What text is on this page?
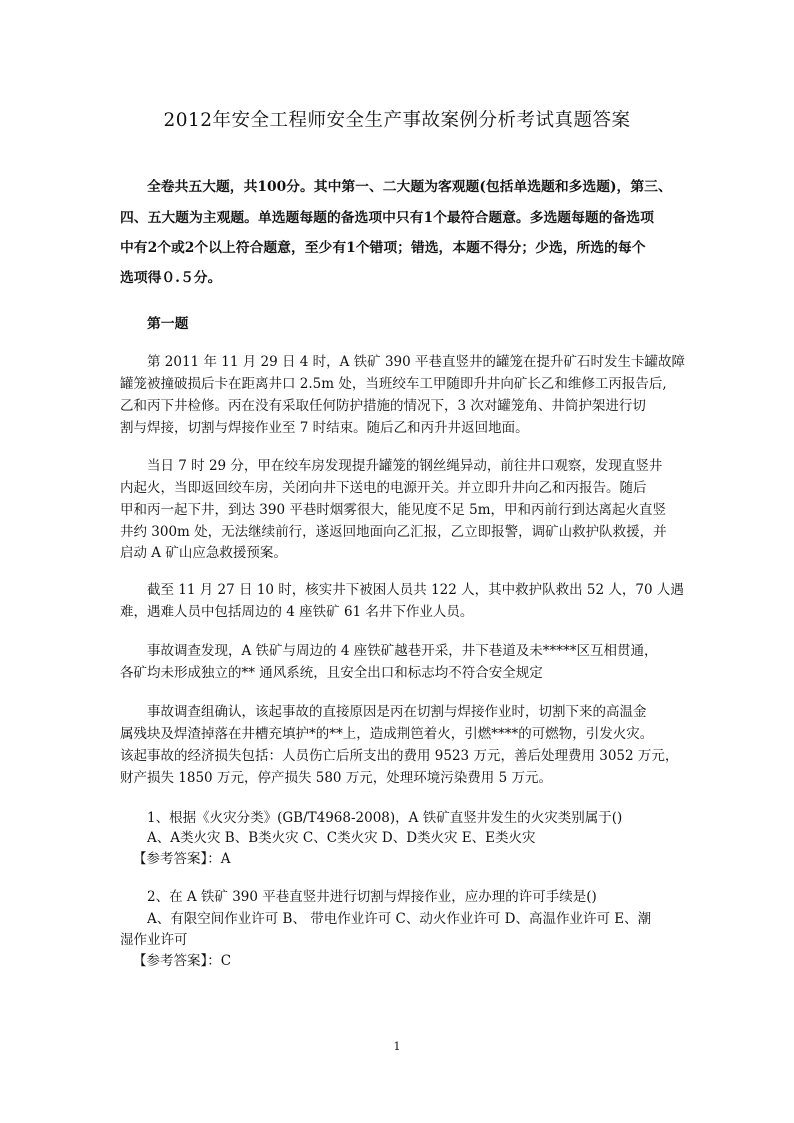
2012年安全工程师安全生产事故案例分析考试真题答案
全卷共五大题，共100分。其中第一、二大题为客观题(包括单选题和多选题)，第三、
四、五大题为主观题。单选题每题的备选项中只有1个最符合题意。多选题每题的备选项
中有2个或2个以上符合题意，至少有1个错项；错选，本题不得分；少选，所选的每个
选项得０.５分。
第一题
第 2011 年 11 月 29 日 4 时，A 铁矿 390 平巷直竖井的罐笼在提升矿石时发生卡罐故障
罐笼被撞破损后卡在距离井口 2.5m 处，当班绞车工甲随即升井向矿长乙和维修工丙报告后,
乙和丙下井检修。丙在没有采取任何防护措施的情况下，3 次对罐笼角、井筒护架进行切
割与焊接，切割与焊接作业至 7 时结束。随后乙和丙升井返回地面。
当日 7 时 29 分，甲在绞车房发现提升罐笼的钢丝绳异动，前往井口观察，发现直竖井
内起火，当即返回绞车房，关闭向井下送电的电源开关。并立即升井向乙和丙报告。随后
甲和丙一起下井，到达 390 平巷时烟雾很大，能见度不足 5m，甲和丙前行到达离起火直竖
井约 300m 处，无法继续前行，遂返回地面向乙汇报，乙立即报警，调矿山救护队救援，并
启动 A 矿山应急救援预案。
截至 11 月 27 日 10 时，核实井下被困人员共 122 人，其中救护队救出 52 人，70 人遇
难，遇难人员中包括周边的 4 座铁矿 61 名井下作业人员。
事故调查发现，A 铁矿与周边的 4 座铁矿越巷开采，井下巷道及未*****区互相贯通，
各矿均未形成独立的** 通风系统，且安全出口和标志均不符合安全规定
事故调查组确认，该起事故的直接原因是丙在切割与焊接作业时，切割下来的高温金
属残块及焊渣掉落在井槽充填护*的**上，造成荆笆着火，引燃****的可燃物，引发火灾。
该起事故的经济损失包括：人员伤亡后所支出的费用 9523 万元，善后处理费用 3052 万元，
财产损失 1850 万元，停产损失 580 万元，处理环境污染费用 5 万元。
1、根据《火灾分类》(GB/T4968-2008)，A 铁矿直竖井发生的火灾类别属于()
A、A类火灾 B、B类火灾 C、C类火灾 D、D类火灾 E、E类火灾
【参考答案】：A
2、在 A 铁矿 390 平巷直竖井进行切割与焊接作业，应办理的许可手续是()
A、有限空间作业许可 B、 带电作业许可 C、动火作业许可 D、高温作业许可 E、潮
湿作业许可
【参考答案】：C
1
